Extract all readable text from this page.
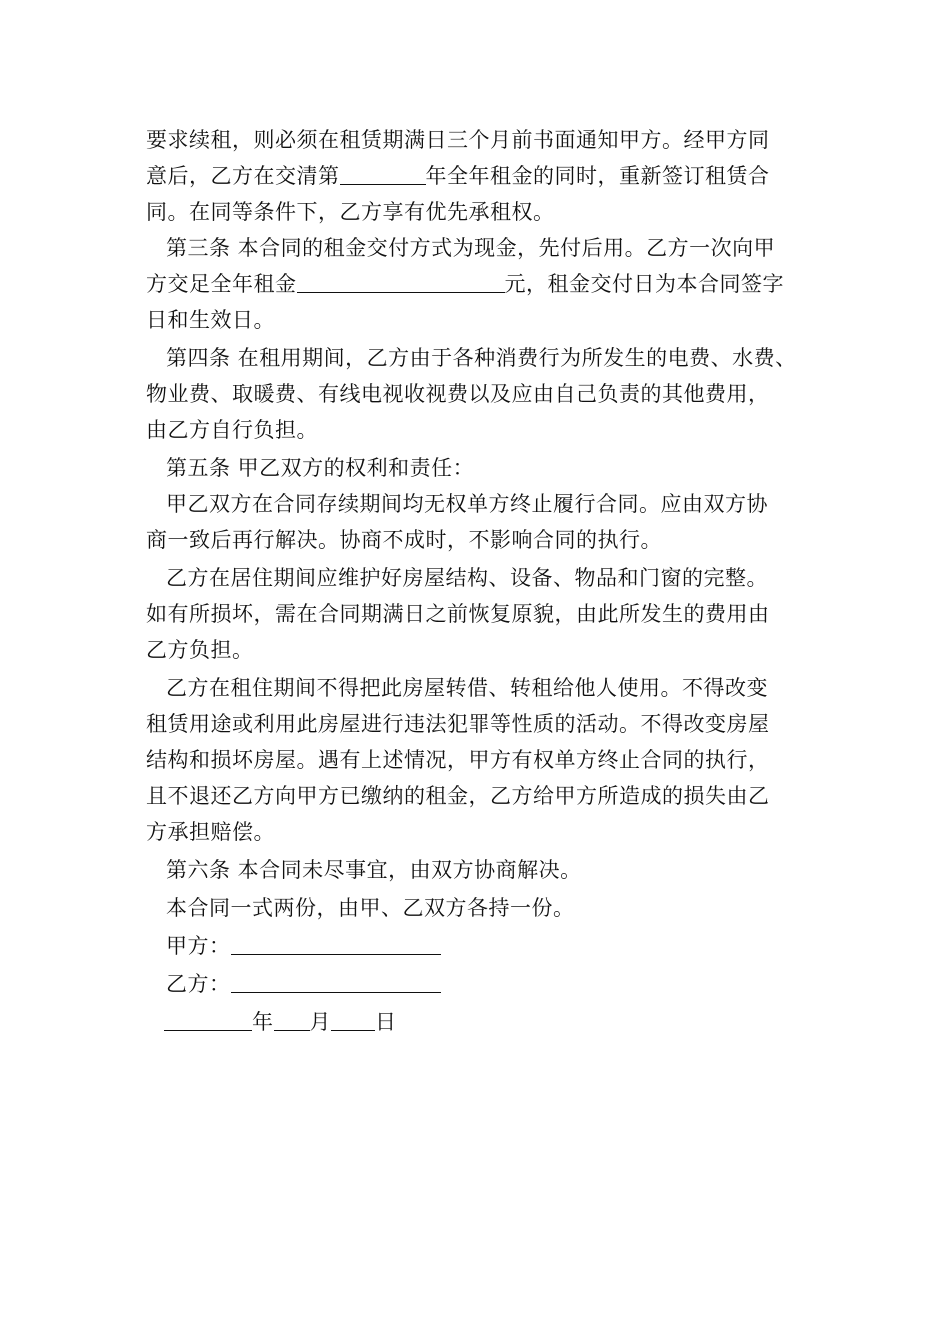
要求续租，则必须在租赁期满日三个月前书面通知甲方。经甲方同
意后，乙方在交清第	年全年租金的同时，重新签订租赁合
同。在同等条件下，乙方享有优先承租权。
第三条 本合同的租金交付方式为现金，先付后用。乙方一次向甲
方交足全年租金	元，租金交付日为本合同签字
日和生效日。
第四条 在租用期间，乙方由于各种消费行为所发生的电费、水费、
物业费、取暖费、有线电视收视费以及应由自己负责的其他费用，
由乙方自行负担。
第五条 甲乙双方的权利和责任：
甲乙双方在合同存续期间均无权单方终止履行合同。应由双方协
商一致后再行解决。协商不成时，不影响合同的执行。
乙方在居住期间应维护好房屋结构、设备、物品和门窗的完整。
如有所损坏，需在合同期满日之前恢复原貌，由此所发生的费用由
乙方负担。
乙方在租住期间不得把此房屋转借、转租给他人使用。不得改变
租赁用途或利用此房屋进行违法犯罪等性质的活动。不得改变房屋
结构和损坏房屋。遇有上述情况，甲方有权单方终止合同的执行，
且不退还乙方向甲方已缴纳的租金，乙方给甲方所造成的损失由乙
方承担赔偿。
第六条 本合同未尽事宜，由双方协商解决。
本合同一式两份，由甲、乙双方各持一份。
甲方：
乙方：
年 月 日
